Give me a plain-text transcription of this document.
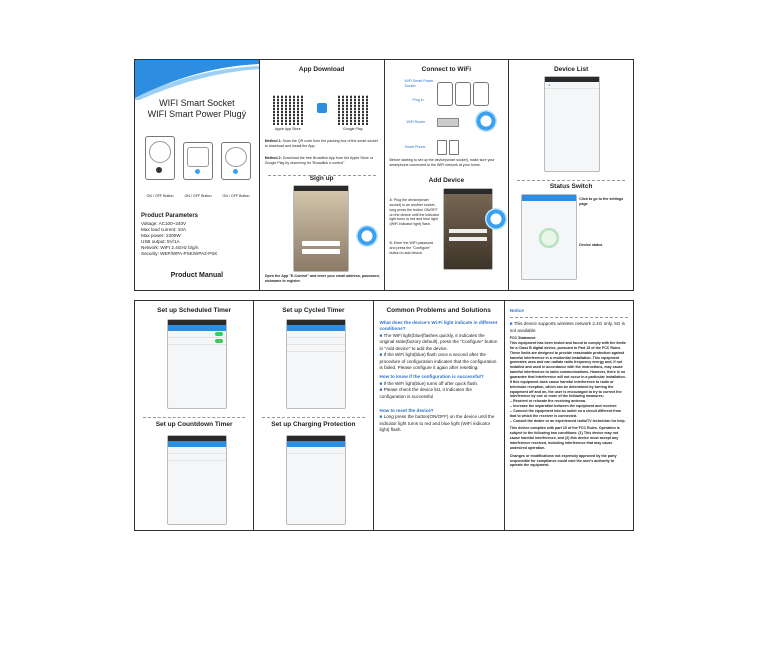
WIFI Smart Socket
WIFI Smart Power Plugÿ
ON / OFF Button	ON / OFF Button	ON / OFF Button
Product Parameters
Voltage: AC100~240V
Max load current: 10A
Max power: 2200W
USB output: 5V/1A
Network: WIFI 2.4GHz b/g/n
Security: WEP/WPA-PSK/WPA2-PSK
Product Manual
App Download
Apple App Store	Google Play
Method 1: Scan the QR code from the packing box of the smart socket to download and install the App.
Method 2: Download the free Broadlink App from the Apple Store or Google Play by searching for "Broadlink e-control"
Sign up
Open the App "E-Control" and enter your email address, password, nickname to register.
Connect to WiFi
WiFi Smart Power Socket
Plug in
WiFi Router
Smart Phone
Before starting to set up the device(smart socket), make sure your smartphone connected to the WiFi network at your home.
Add Device
A: Plug the device(smart socket) in an another socket, long press the button ON/OFF on the device until the indicator light turns to red and blue light (WiFi indicator light) flash.
B: Enter the WiFi password and press the "Configure" button to add device.
Device List
●

Status Switch
Click to go to the settings page
Device status
Set up Scheduled Timer

Set up Countdown Timer

Set up Cycled Timer

Set up Charging Protection

Common Problems and Solutions
What does the device's Wi-Fi light indicate in different conditions?
■ The WiFi light(blue)flashes quickly, it indicates the original state(factory default), press the "Configure" button in "Add device" to add the device.
■ If the WiFi light(blue) flash once a second after the procedure of configuration indicates that the configuration is failed. Please configure it again after resetting.
How to know if the configuration is successful?
■ If the WiFi light(blue) turns off after quick flash.
■ Please check the device list, it indicates the configuration is successful
How to reset the device?
■ Long press the button(ON/OFF) on the device until the indicator light turns to red and blue light (WiFi indicator light) flash.
Notice
■ This device supports wireless network 2.4G only, 5G is not available
FCC Statement
This equipment has been tested and found to comply with the limits for a Class B digital device, pursuant to Part 15 of the FCC Rules. These limits are designed to provide reasonable protection against harmful interference in a residential installation. This equipment generates uses and can radiate radio frequency energy and, if not installed and used in accordance with the instructions, may cause harmful interference to radio communications. However, there is no guarantee that interference will not occur in a particular installation. If this equipment does cause harmful interference to radio or television reception, which can be determined by turning the equipment off and on, the user is encouraged to try to correct the interference by one or more of the following measures:
-- Reorient or relocate the receiving antenna.
-- Increase the separation between the equipment and receiver.
-- Connect the equipment into an outlet on a circuit different from that to which the receiver is connected.
-- Consult the dealer or an experienced radio/TV technician for help.
This device complies with part 15 of the FCC Rules. Operation is subject to the following two conditions: (1) This device may not cause harmful interference, and (2) this device must accept any interference received, including interference that may cause undesired operation.
Changes or modifications not expressly approved by the party responsible for compliance could void the user's authority to operate the equipment.
